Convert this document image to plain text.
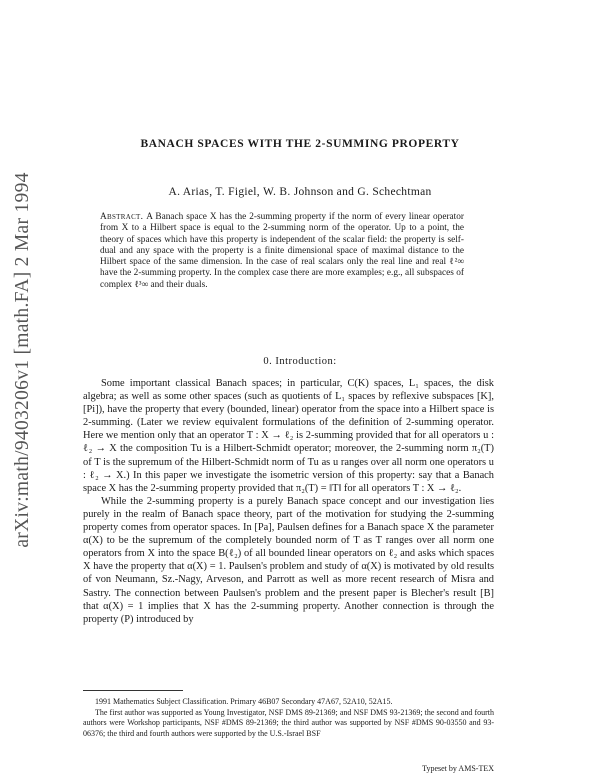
arXiv:math/9403206v1 [math.FA] 2 Mar 1994
BANACH SPACES WITH THE 2-SUMMING PROPERTY
A. Arias, T. Figiel, W. B. Johnson and G. Schechtman
Abstract. A Banach space X has the 2-summing property if the norm of every linear operator from X to a Hilbert space is equal to the 2-summing norm of the operator. Up to a point, the theory of spaces which have this property is independent of the scalar field: the property is self-dual and any space with the property is a finite dimensional space of maximal distance to the Hilbert space of the same dimension. In the case of real scalars only the real line and real ℓ²∞ have the 2-summing property. In the complex case there are more examples; e.g., all subspaces of complex ℓ³∞ and their duals.
0. Introduction:

Some important classical Banach spaces; in particular, C(K) spaces, L₁ spaces, the disk algebra; as well as some other spaces (such as quotients of L₁ spaces by reflexive subspaces [K], [Pi]), have the property that every (bounded, linear) operator from the space into a Hilbert space is 2-summing. (Later we review equivalent formulations of the definition of 2-summing operator. Here we mention only that an operator T : X → ℓ₂ is 2-summing provided that for all operators u : ℓ₂ → X the composition Tu is a Hilbert-Schmidt operator; moreover, the 2-summing norm π₂(T) of T is the supremum of the Hilbert-Schmidt norm of Tu as u ranges over all norm one operators u : ℓ₂ → X.) In this paper we investigate the isometric version of this property: say that a Banach space X has the 2-summing property provided that π₂(T) = ‖T‖ for all operators T : X → ℓ₂.

While the 2-summing property is a purely Banach space concept and our investigation lies purely in the realm of Banach space theory, part of the motivation for studying the 2-summing property comes from operator spaces. In [Pa], Paulsen defines for a Banach space X the parameter α(X) to be the supremum of the completely bounded norm of T as T ranges over all norm one operators from X into the space B(ℓ₂) of all bounded linear operators on ℓ₂ and asks which spaces X have the property that α(X) = 1. Paulsen's problem and study of α(X) is motivated by old results of von Neumann, Sz.-Nagy, Arveson, and Parrott as well as more recent research of Misra and Sastry. The connection between Paulsen's problem and the present paper is Blecher's result [B] that α(X) = 1 implies that X has the 2-summing property. Another connection is through the property (P) introduced by

1991 Mathematics Subject Classification. Primary 46B07 Secondary 47A67, 52A10, 52A15.

The first author was supported as Young Investigator, NSF DMS 89-21369; and NSF DMS 93-21369; the second and fourth authors were Workshop participants, NSF #DMS 89-21369; the third author was supported by NSF #DMS 90-03550 and 93-06376; the third and fourth authors were supported by the U.S.-Israel BSF

Typeset by AMS-TEX
